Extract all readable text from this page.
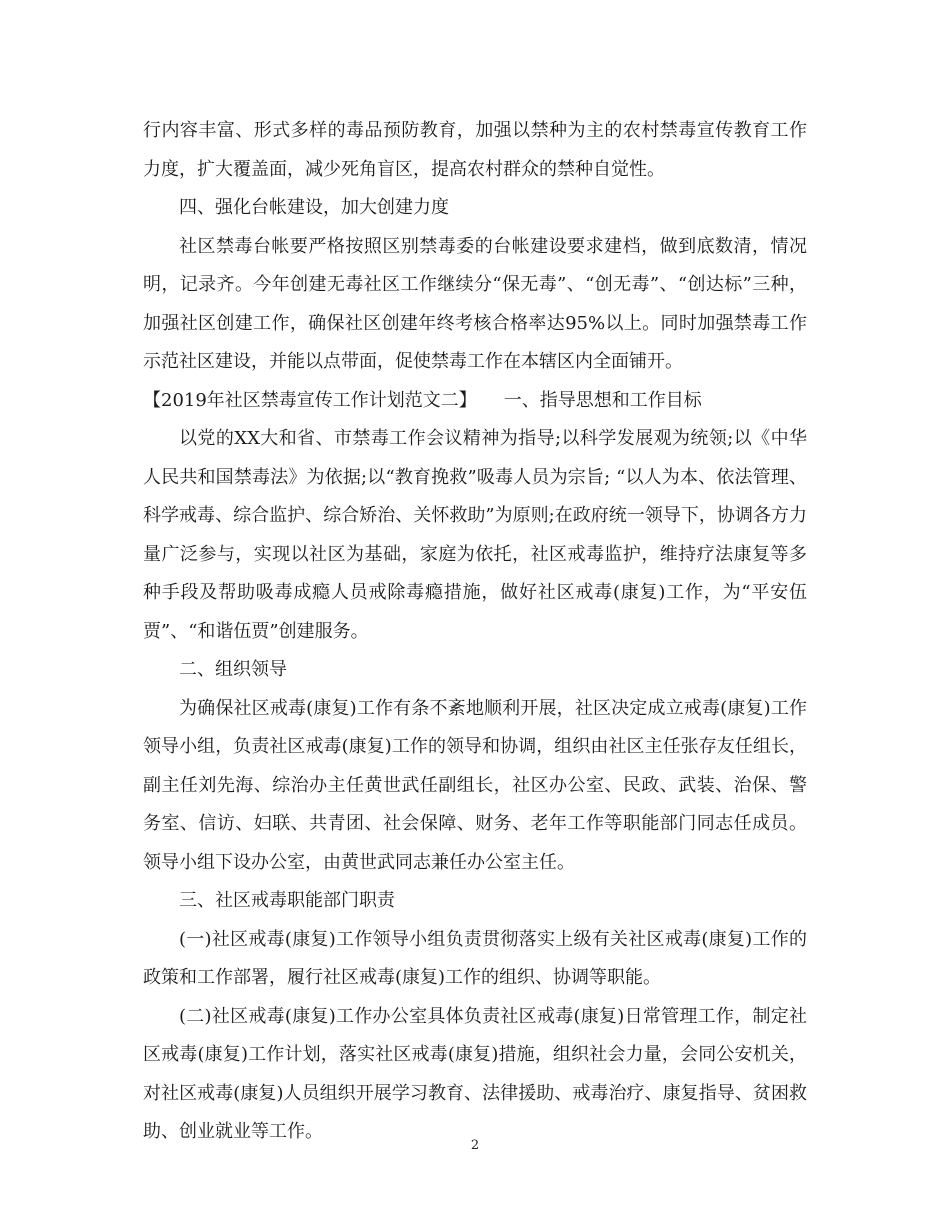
行内容丰富、形式多样的毒品预防教育，加强以禁种为主的农村禁毒宣传教育工作力度，扩大覆盖面，减少死角盲区，提高农村群众的禁种自觉性。

四、强化台帐建设，加大创建力度

社区禁毒台帐要严格按照区别禁毒委的台帐建设要求建档，做到底数清，情况明，记录齐。今年创建无毒社区工作继续分“保无毒”、“创无毒”、“创达标”三种，加强社区创建工作，确保社区创建年终考核合格率达95%以上。同时加强禁毒工作示范社区建设，并能以点带面，促使禁毒工作在本辖区内全面铺开。

【2019年社区禁毒宣传工作计划范文二】　　一、指导思想和工作目标

以党的XX大和省、市禁毒工作会议精神为指导;以科学发展观为统领;以《中华人民共和国禁毒法》为依据;以“教育挽救”吸毒人员为宗旨; “以人为本、依法管理、科学戒毒、综合监护、综合矫治、关怀救助”为原则;在政府统一领导下，协调各方力量广泛参与，实现以社区为基础，家庭为依托，社区戒毒监护，维持疗法康复等多种手段及帮助吸毒成瘾人员戒除毒瘾措施，做好社区戒毒(康复)工作，为“平安伍贾”、“和谐伍贾”创建服务。

二、组织领导

为确保社区戒毒(康复)工作有条不紊地顺利开展，社区决定成立戒毒(康复)工作领导小组，负责社区戒毒(康复)工作的领导和协调，组织由社区主任张存友任组长，副主任刘先海、综治办主任黄世武任副组长，社区办公室、民政、武装、治保、警务室、信访、妇联、共青团、社会保障、财务、老年工作等职能部门同志任成员。领导小组下设办公室，由黄世武同志兼任办公室主任。

三、社区戒毒职能部门职责

(一)社区戒毒(康复)工作领导小组负责贯彻落实上级有关社区戒毒(康复)工作的政策和工作部署，履行社区戒毒(康复)工作的组织、协调等职能。

(二)社区戒毒(康复)工作办公室具体负责社区戒毒(康复)日常管理工作，制定社区戒毒(康复)工作计划，落实社区戒毒(康复)措施，组织社会力量，会同公安机关，对社区戒毒(康复)人员组织开展学习教育、法律援助、戒毒治疗、康复指导、贫困救助、创业就业等工作。

2
